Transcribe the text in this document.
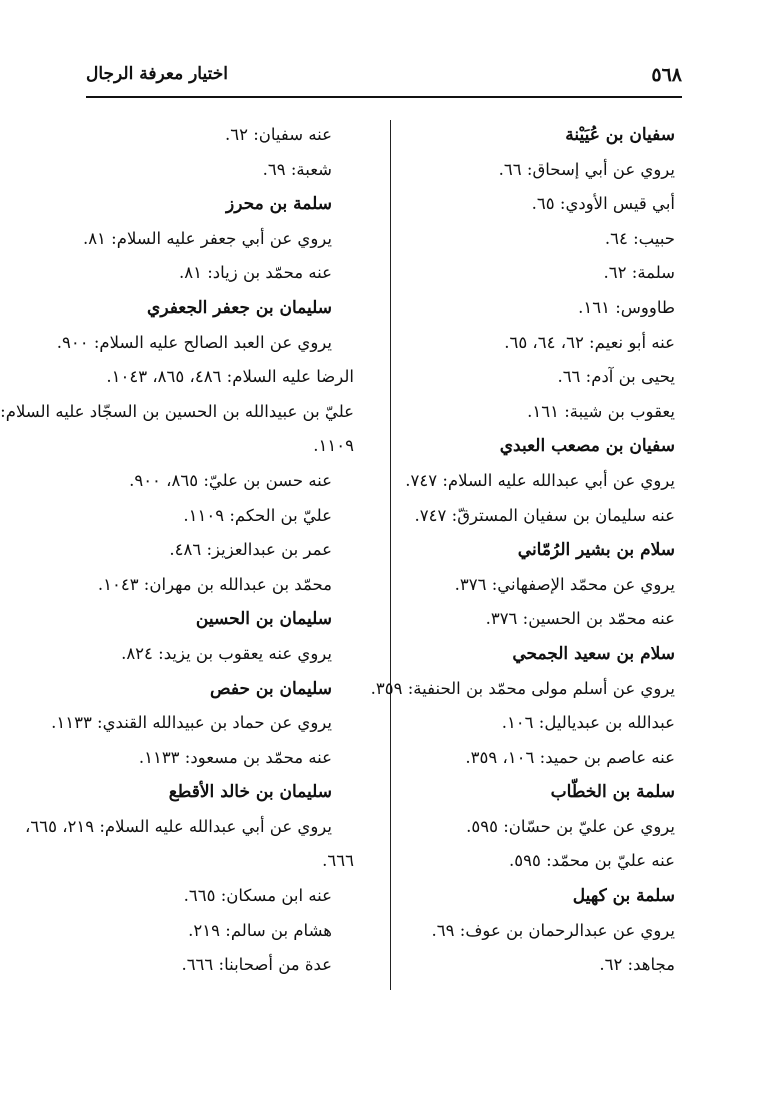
٥٦٨
اختيار معرفة الرجال
سفيان بن عُيَيْنة
يروي عن أبي إسحاق: ٦٦.
أبي قيس الأودي: ٦٥.
حبيب: ٦٤.
سلمة: ٦٢.
طاووس: ١٦١.
عنه أبو نعيم: ٦٢، ٦٤، ٦٥.
يحيى بن آدم: ٦٦.
يعقوب بن شيبة: ١٦١.
سفيان بن مصعب العبدي
يروي عن أبي عبدالله عليه السلام: ٧٤٧.
عنه سليمان بن سفيان المسترقّ: ٧٤٧.
سلام بن بشير الرُمّاني
يروي عن محمّد الإصفهاني: ٣٧٦.
عنه محمّد بن الحسين: ٣٧٦.
سلام بن سعيد الجمحي
يروي عن أسلم مولى محمّد بن الحنفية: ٣٥٩.
عبدالله بن عبدياليل: ١٠٦.
عنه عاصم بن حميد: ١٠٦، ٣٥٩.
سلمة بن الخطّاب
يروي عن عليّ بن حسّان: ٥٩٥.
عنه عليّ بن محمّد: ٥٩٥.
سلمة بن كهيل
يروي عن عبدالرحمان بن عوف: ٦٩.
مجاهد: ٦٢.
عنه سفيان: ٦٢.
شعبة: ٦٩.
سلمة بن محرز
يروي عن أبي جعفر عليه السلام: ٨١.
عنه محمّد بن زياد: ٨١.
سليمان بن جعفر الجعفري
يروي عن العبد الصالح عليه السلام: ٩٠٠.
الرضا عليه السلام: ٤٨٦، ٨٦٥، ١٠٤٣.
عليّ بن عبيدالله بن الحسين بن السجّاد عليه السلام:
١١٠٩.
عنه حسن بن عليّ: ٨٦٥، ٩٠٠.
عليّ بن الحكم: ١١٠٩.
عمر بن عبدالعزيز: ٤٨٦.
محمّد بن عبدالله بن مهران: ١٠٤٣.
سليمان بن الحسين
يروي عنه يعقوب بن يزيد: ٨٢٤.
سليمان بن حفص
يروي عن حماد بن عبيدالله القندي: ١١٣٣.
عنه محمّد بن مسعود: ١١٣٣.
سليمان بن خالد الأقطع
يروي عن أبي عبدالله عليه السلام: ٢١٩، ٦٦٥،
٦٦٦.
عنه ابن مسكان: ٦٦٥.
هشام بن سالم: ٢١٩.
عدة من أصحابنا: ٦٦٦.
